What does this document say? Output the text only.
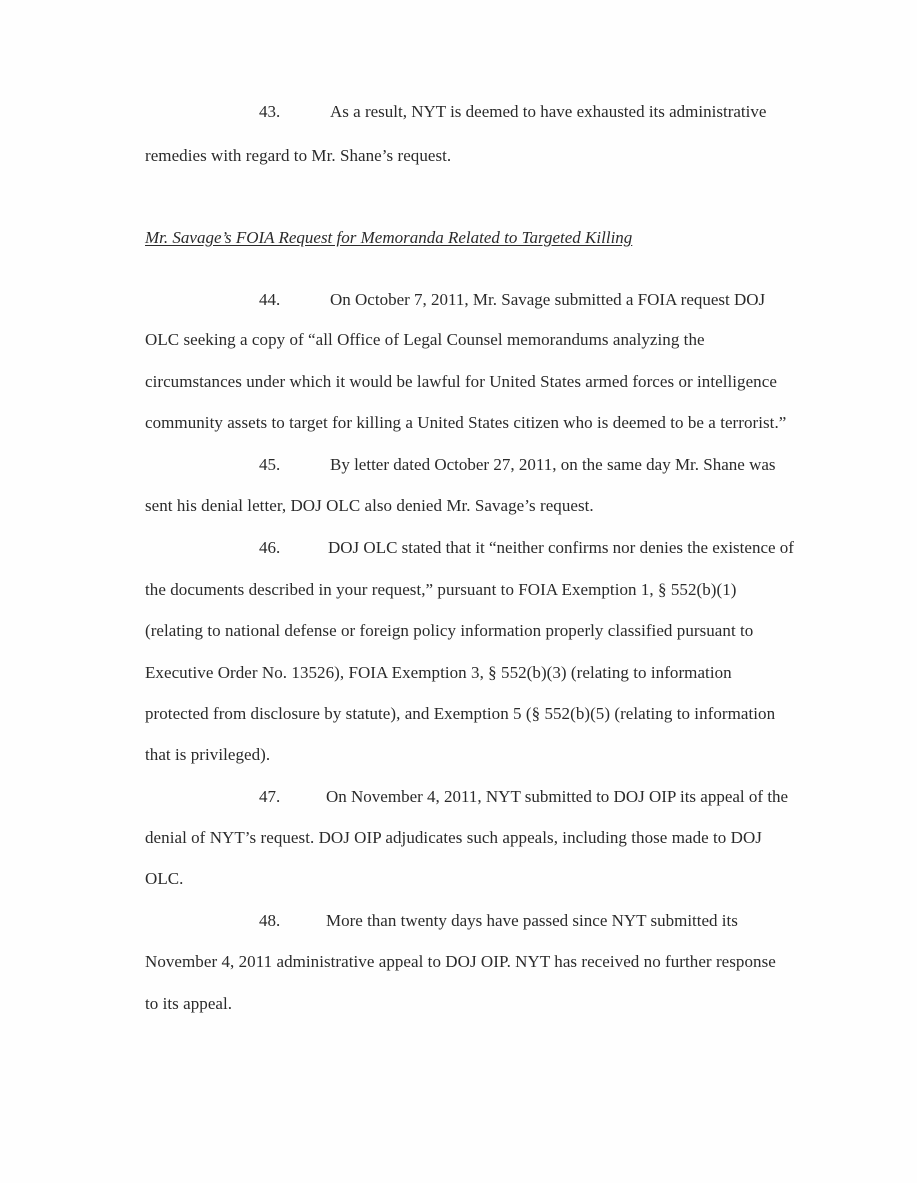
43.	As a result, NYT is deemed to have exhausted its administrative
remedies with regard to Mr. Shane’s request.
Mr. Savage’s FOIA Request for Memoranda Related to Targeted Killing
44.	On October 7, 2011, Mr. Savage submitted a FOIA request DOJ
OLC seeking a copy of “all Office of Legal Counsel memorandums analyzing the
circumstances under which it would be lawful for United States armed forces or intelligence
community assets to target for killing a United States citizen who is deemed to be a terrorist.”
45.	By letter dated October 27, 2011, on the same day Mr. Shane was
sent his denial letter, DOJ OLC also denied Mr. Savage’s request.
46.	DOJ OLC stated that it “neither confirms nor denies the existence of
the documents described in your request,” pursuant to FOIA Exemption 1, § 552(b)(1)
(relating to national defense or foreign policy information properly classified pursuant to
Executive Order No. 13526), FOIA Exemption 3, § 552(b)(3) (relating to information
protected from disclosure by statute), and Exemption 5 (§ 552(b)(5) (relating to information
that is privileged).
47.	On November 4, 2011, NYT submitted to DOJ OIP its appeal of the
denial of NYT’s request. DOJ OIP adjudicates such appeals, including those made to DOJ
OLC.
48.	More than twenty days have passed since NYT submitted its
November 4, 2011 administrative appeal to DOJ OIP. NYT has received no further response
to its appeal.
